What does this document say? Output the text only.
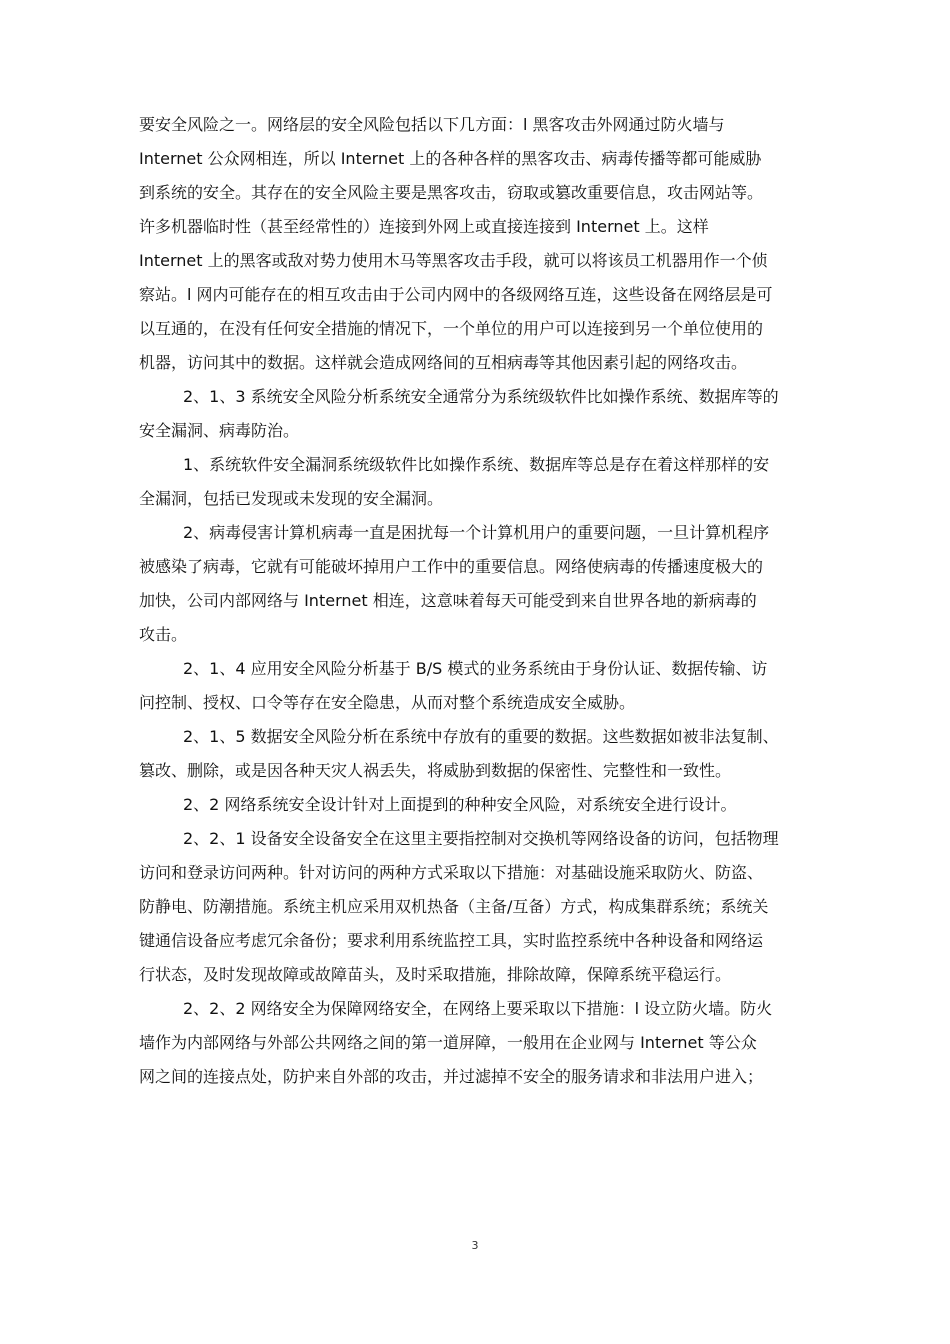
要安全风险之一。网络层的安全风险包括以下几方面：l 黑客攻击外网通过防火墙与
Internet 公众网相连，所以 Internet 上的各种各样的黑客攻击、病毒传播等都可能威胁
到系统的安全。其存在的安全风险主要是黑客攻击，窃取或篡改重要信息，攻击网站等。
许多机器临时性（甚至经常性的）连接到外网上或直接连接到 Internet 上。这样
Internet 上的黑客或敌对势力使用木马等黑客攻击手段，就可以将该员工机器用作一个侦
察站。l 网内可能存在的相互攻击由于公司内网中的各级网络互连，这些设备在网络层是可
以互通的，在没有任何安全措施的情况下，一个单位的用户可以连接到另一个单位使用的
机器，访问其中的数据。这样就会造成网络间的互相病毒等其他因素引起的网络攻击。
2、1、3 系统安全风险分析系统安全通常分为系统级软件比如操作系统、数据库等的
安全漏洞、病毒防治。
1、系统软件安全漏洞系统级软件比如操作系统、数据库等总是存在着这样那样的安
全漏洞，包括已发现或未发现的安全漏洞。
2、病毒侵害计算机病毒一直是困扰每一个计算机用户的重要问题，一旦计算机程序
被感染了病毒，它就有可能破坏掉用户工作中的重要信息。网络使病毒的传播速度极大的
加快，公司内部网络与 Internet 相连，这意味着每天可能受到来自世界各地的新病毒的
攻击。
2、1、4 应用安全风险分析基于 B/S 模式的业务系统由于身份认证、数据传输、访
问控制、授权、口令等存在安全隐患，从而对整个系统造成安全威胁。
2、1、5 数据安全风险分析在系统中存放有的重要的数据。这些数据如被非法复制、
篡改、删除，或是因各种天灾人祸丢失，将威胁到数据的保密性、完整性和一致性。
2、2 网络系统安全设计针对上面提到的种种安全风险，对系统安全进行设计。
2、2、1 设备安全设备安全在这里主要指控制对交换机等网络设备的访问，包括物理
访问和登录访问两种。针对访问的两种方式采取以下措施：对基础设施采取防火、防盗、
防静电、防潮措施。系统主机应采用双机热备（主备/互备）方式，构成集群系统；系统关
键通信设备应考虑冗余备份；要求利用系统监控工具，实时监控系统中各种设备和网络运
行状态，及时发现故障或故障苗头，及时采取措施，排除故障，保障系统平稳运行。
2、2、2 网络安全为保障网络安全，在网络上要采取以下措施：l 设立防火墙。防火
墙作为内部网络与外部公共网络之间的第一道屏障，一般用在企业网与 Internet 等公众
网之间的连接点处，防护来自外部的攻击，并过滤掉不安全的服务请求和非法用户进入；
3
